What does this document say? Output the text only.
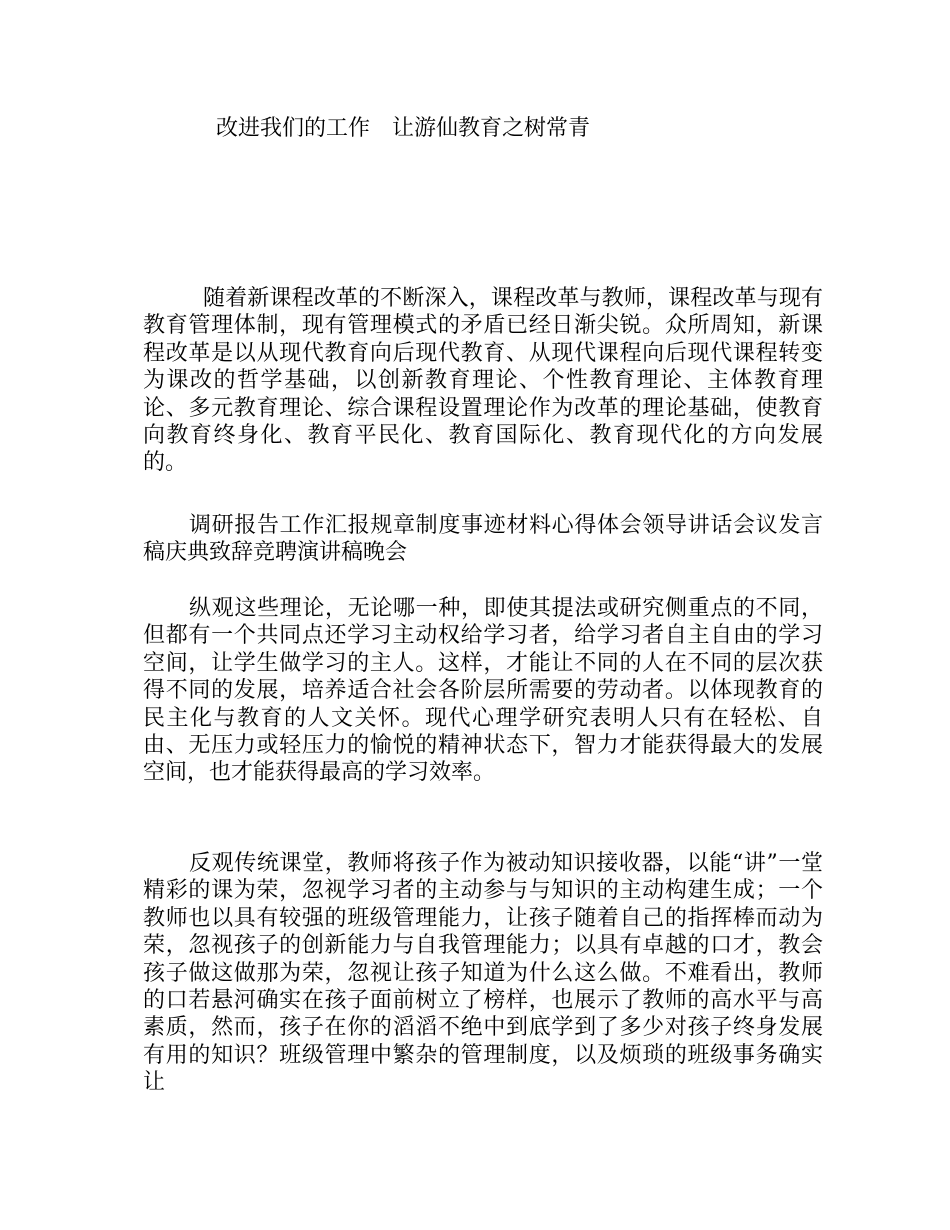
改进我们的工作 让游仙教育之树常青

随着新课程改革的不断深入，课程改革与教师，课程改革与现有教育管理体制，现有管理模式的矛盾已经日渐尖锐。众所周知，新课程改革是以从现代教育向后现代教育、从现代课程向后现代课程转变为课改的哲学基础，以创新教育理论、个性教育理论、主体教育理论、多元教育理论、综合课程设置理论作为改革的理论基础，使教育向教育终身化、教育平民化、教育国际化、教育现代化的方向发展的。

调研报告工作汇报规章制度事迹材料心得体会领导讲话会议发言稿庆典致辞竞聘演讲稿晚会

纵观这些理论，无论哪一种，即使其提法或研究侧重点的不同，但都有一个共同点还学习主动权给学习者，给学习者自主自由的学习空间，让学生做学习的主人。这样，才能让不同的人在不同的层次获得不同的发展，培养适合社会各阶层所需要的劳动者。以体现教育的民主化与教育的人文关怀。现代心理学研究表明人只有在轻松、自由、无压力或轻压力的愉悦的精神状态下，智力才能获得最大的发展空间，也才能获得最高的学习效率。

反观传统课堂，教师将孩子作为被动知识接收器，以能“讲”一堂精彩的课为荣，忽视学习者的主动参与与知识的主动构建生成；一个教师也以具有较强的班级管理能力，让孩子随着自己的指挥棒而动为荣，忽视孩子的创新能力与自我管理能力；以具有卓越的口才，教会孩子做这做那为荣，忽视让孩子知道为什么这么做。不难看出，教师的口若悬河确实在孩子面前树立了榜样，也展示了教师的高水平与高素质，然而，孩子在你的滔滔不绝中到底学到了多少对孩子终身发展有用的知识？班级管理中繁杂的管理制度，以及烦琐的班级事务确实让
